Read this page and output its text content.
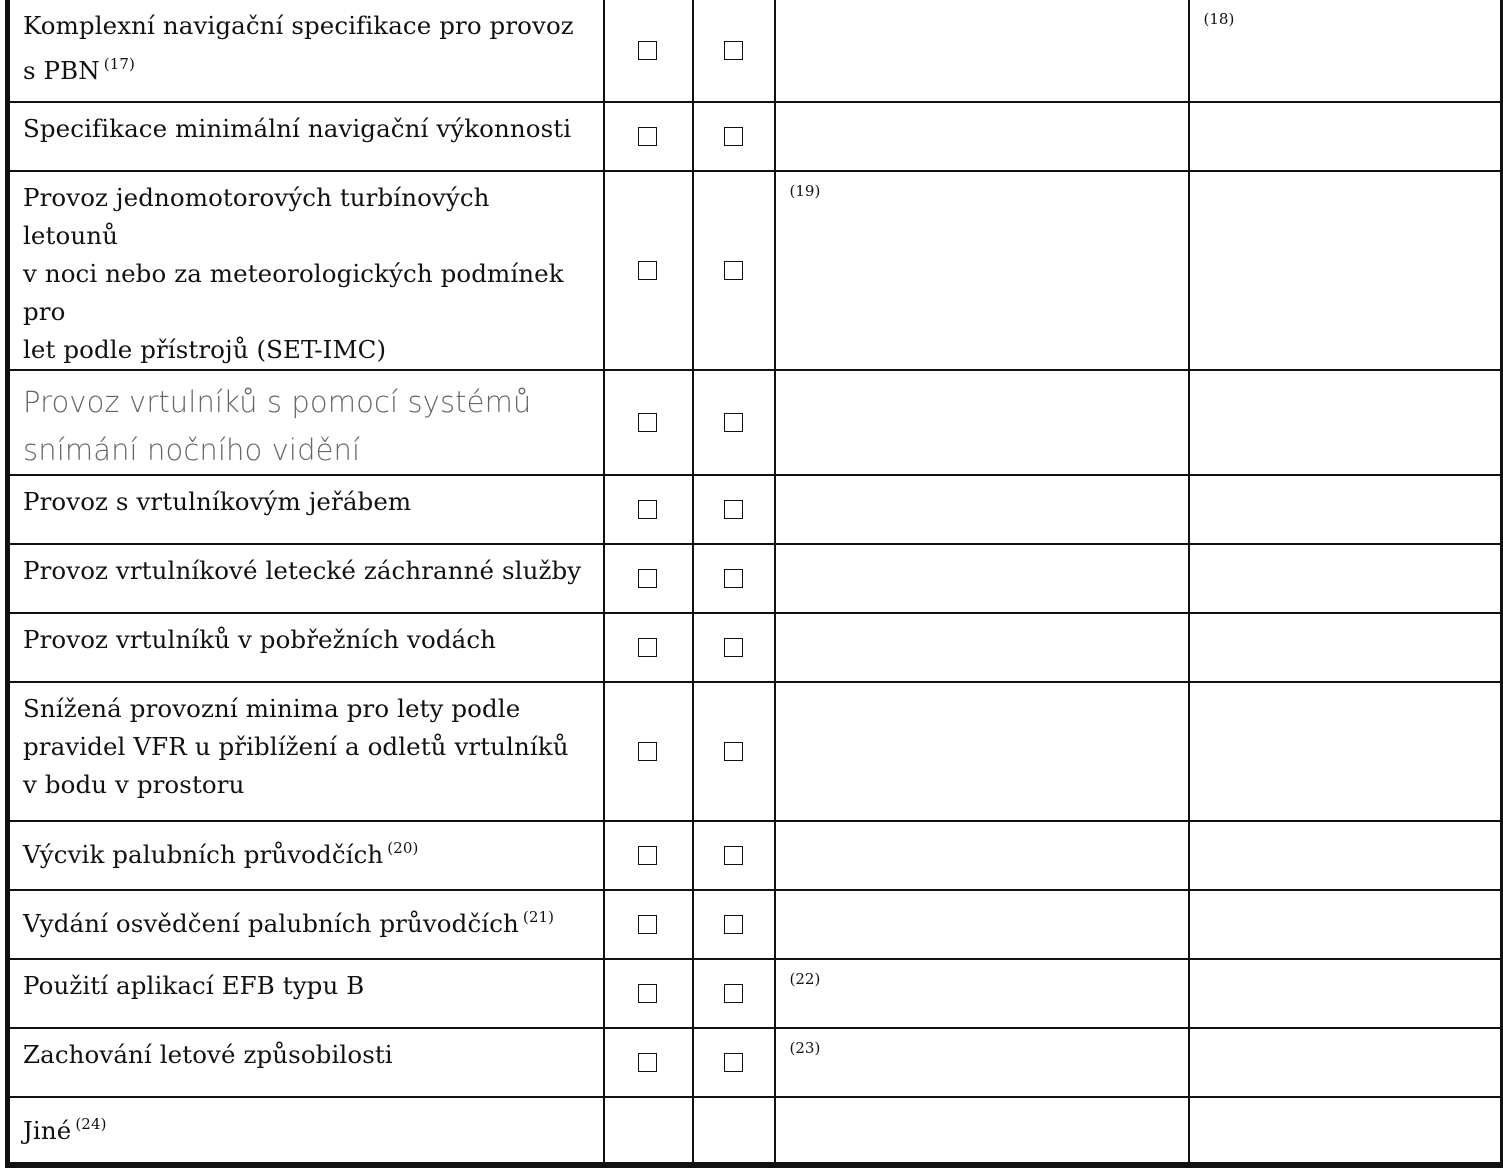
Komplexní navigační specifikace pro provoz
s PBN $^{(17)}$				(18)

Specifikace minimální navigační výkonnosti				

Provoz jednomotorových turbínových letounů
v noci nebo za meteorologických podmínek pro
let podle přístrojů (SET-IMC)			(19)	

Provoz vrtulníků s pomocí systémů
snímání nočního vidění				

Provoz s vrtulníkovým jeřábem				

Provoz vrtulníkové letecké záchranné služby				

Provoz vrtulníků v pobřežních vodách				

Snížená provozní minima pro lety podle
pravidel VFR u přiblížení a odletů vrtulníků
v bodu v prostoru				

Výcvik palubních průvodčích $^{(20)}$

Vydání osvědčení palubních průvodčích $^{(21)}$

Použití aplikací EFB typu B			(22)	

Zachování letové způsobilosti			(23)	

Jiné $^{(24)}$
